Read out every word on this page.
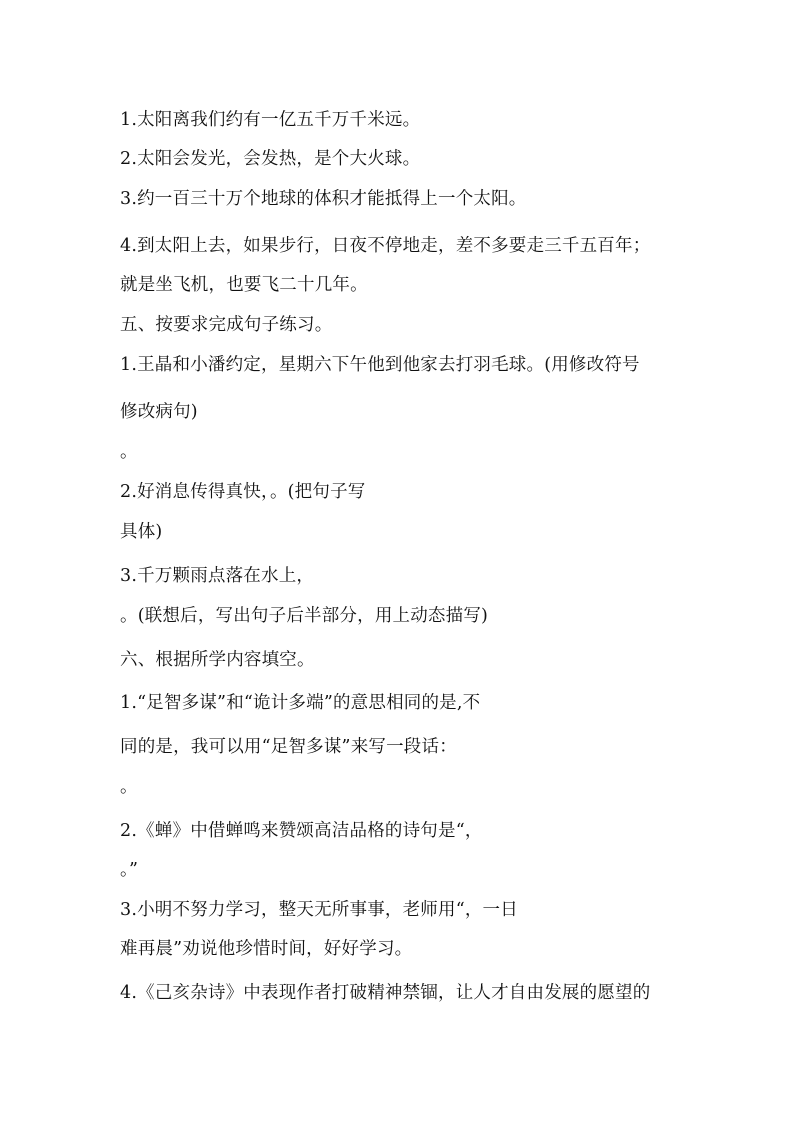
1.太阳离我们约有一亿五千万千米远。
2.太阳会发光，会发热，是个大火球。
3.约一百三十万个地球的体积才能抵得上一个太阳。
4.到太阳上去，如果步行，日夜不停地走，差不多要走三千五百年；
就是坐飞机，也要飞二十几年。
五、按要求完成句子练习。
1.王晶和小潘约定，星期六下午他到他家去打羽毛球。(用修改符号
修改病句)
。
2.好消息传得真快，。(把句子写
具体)
3.千万颗雨点落在水上，
。(联想后，写出句子后半部分，用上动态描写)
六、根据所学内容填空。
1.“足智多谋”和“诡计多端”的意思相同的是,不
同的是，我可以用“足智多谋”来写一段话：
。
2.《蝉》中借蝉鸣来赞颂高洁品格的诗句是“，
。”
3.小明不努力学习，整天无所事事，老师用“，一日
难再晨”劝说他珍惜时间，好好学习。
4.《己亥杂诗》中表现作者打破精神禁锢，让人才自由发展的愿望的
